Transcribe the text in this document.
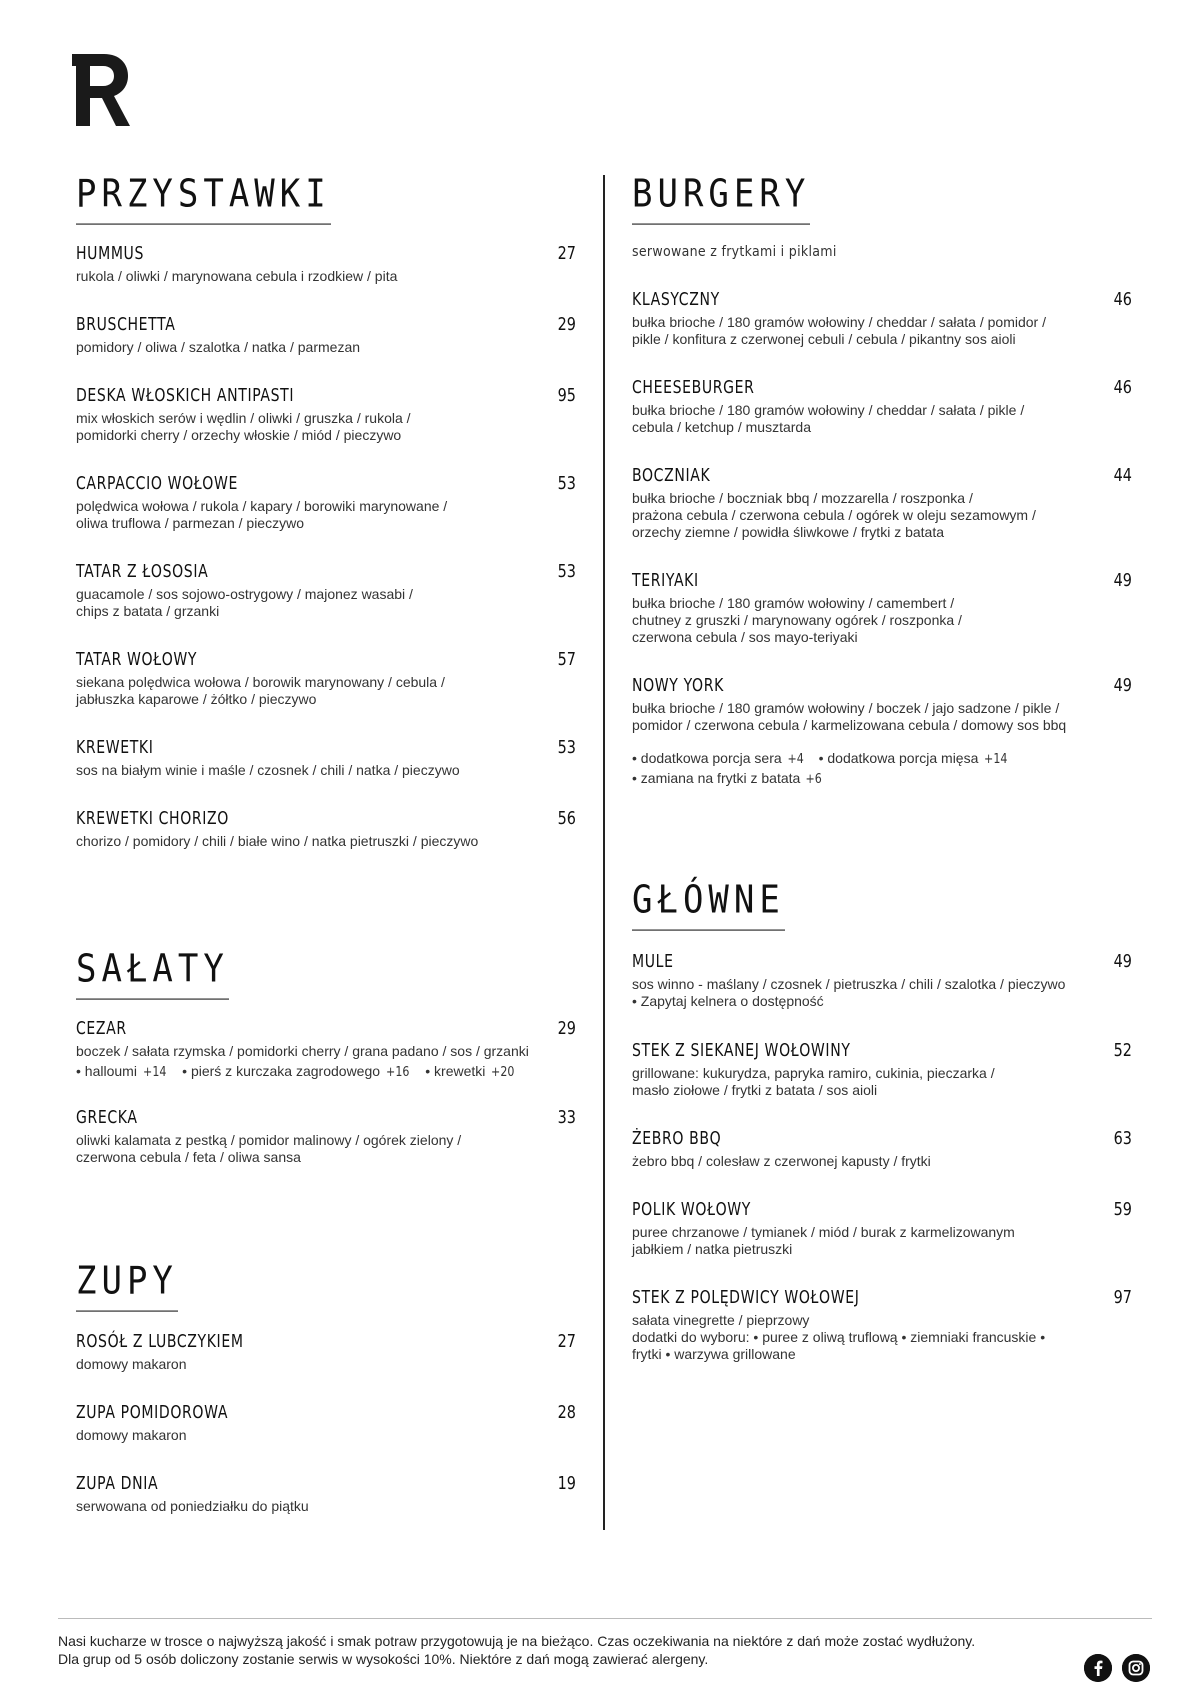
PRZYSTAWKI
HUMMUS	27
rukola / oliwki / marynowana cebula i rzodkiew / pita
BRUSCHETTA	29
pomidory / oliwa / szalotka / natka / parmezan
DESKA WŁOSKICH ANTIPASTI	95
mix włoskich serów i wędlin / oliwki / gruszka / rukola /
pomidorki cherry / orzechy włoskie / miód / pieczywo
CARPACCIO WOŁOWE	53
polędwica wołowa / rukola / kapary / borowiki marynowane /
oliwa truflowa / parmezan / pieczywo
TATAR Z ŁOSOSIA	53
guacamole / sos sojowo-ostrygowy / majonez wasabi /
chips z batata / grzanki
TATAR WOŁOWY	57
siekana polędwica wołowa / borowik marynowany / cebula /
jabłuszka kaparowe / żółtko / pieczywo
KREWETKI	53
sos na białym winie i maśle / czosnek / chili / natka / pieczywo
KREWETKI CHORIZO	56
chorizo / pomidory / chili / białe wino / natka pietruszki / pieczywo
SAŁATY
CEZAR	29
boczek / sałata rzymska / pomidorki cherry / grana padano / sos / grzanki
• halloumi +14 • pierś z kurczaka zagrodowego +16 • krewetki +20
GRECKA	33
oliwki kalamata z pestką / pomidor malinowy / ogórek zielony /
czerwona cebula / feta / oliwa sansa
ZUPY
ROSÓŁ Z LUBCZYKIEM	27
domowy makaron
ZUPA POMIDOROWA	28
domowy makaron
ZUPA DNIA	19
serwowana od poniedziałku do piątku
BURGERY
serwowane z frytkami i piklami
KLASYCZNY	46
bułka brioche / 180 gramów wołowiny / cheddar / sałata / pomidor /
pikle / konfitura z czerwonej cebuli / cebula / pikantny sos aioli
CHEESEBURGER	46
bułka brioche / 180 gramów wołowiny / cheddar / sałata / pikle /
cebula / ketchup / musztarda
BOCZNIAK	44
bułka brioche / boczniak bbq / mozzarella / roszponka /
prażona cebula / czerwona cebula / ogórek w oleju sezamowym /
orzechy ziemne / powidła śliwkowe / frytki z batata
TERIYAKI	49
bułka brioche / 180 gramów wołowiny / camembert /
chutney z gruszki / marynowany ogórek / roszponka /
czerwona cebula / sos mayo-teriyaki
NOWY YORK	49
bułka brioche / 180 gramów wołowiny / boczek / jajo sadzone / pikle /
pomidor / czerwona cebula / karmelizowana cebula / domowy sos bbq
• dodatkowa porcja sera +4 • dodatkowa porcja mięsa +14
• zamiana na frytki z batata +6
GŁÓWNE
MULE	49
sos winno - maślany / czosnek / pietruszka / chili / szalotka / pieczywo
• Zapytaj kelnera o dostępność
STEK Z SIEKANEJ WOŁOWINY	52
grillowane: kukurydza, papryka ramiro, cukinia, pieczarka /
masło ziołowe / frytki z batata / sos aioli
ŻEBRO BBQ	63
żebro bbq / colesław z czerwonej kapusty / frytki
POLIK WOŁOWY	59
puree chrzanowe / tymianek / miód / burak z karmelizowanym
jabłkiem / natka pietruszki
STEK Z POLĘDWICY WOŁOWEJ	97
sałata vinegrette / pieprzowy
dodatki do wyboru: • puree z oliwą truflową • ziemniaki francuskie •
frytki • warzywa grillowane
Nasi kucharze w trosce o najwyższą jakość i smak potraw przygotowują je na bieżąco. Czas oczekiwania na niektóre z dań może zostać wydłużony.
Dla grup od 5 osób doliczony zostanie serwis w wysokości 10%. Niektóre z dań mogą zawierać alergeny.
